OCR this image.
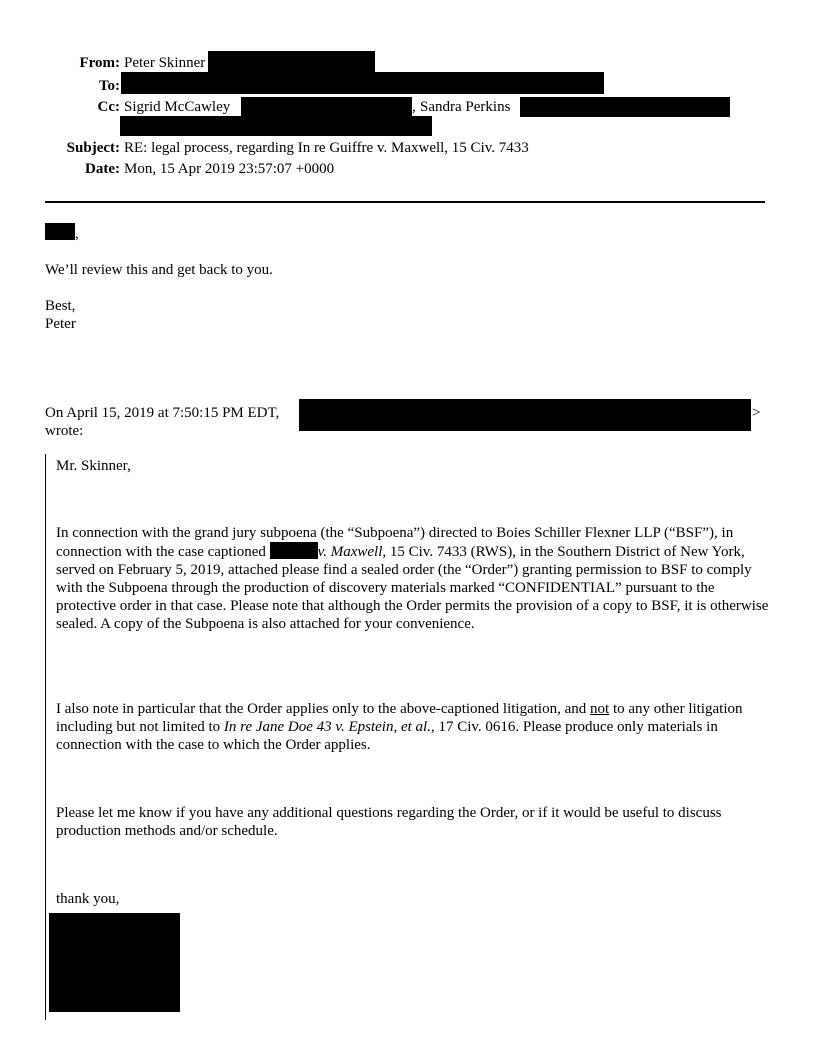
From: Peter Skinner
To:
Cc: Sigrid McCawley	, Sandra Perkins
Subject: RE: legal process, regarding In re Guiffre v. Maxwell, 15 Civ. 7433
Date: Mon, 15 Apr 2019 23:57:07 +0000
,
We’ll review this and get back to you.
Best,
Peter
On April 15, 2019 at 7:50:15 PM EDT,	>
wrote:
Mr. Skinner,
In connection with the grand jury subpoena (the “Subpoena”) directed to Boies Schiller Flexner LLP (“BSF”), in connection with the case captioned	v. Maxwell, 15 Civ. 7433 (RWS), in the Southern District of New York, served on February 5, 2019, attached please find a sealed order (the “Order”) granting permission to BSF to comply with the Subpoena through the production of discovery materials marked “CONFIDENTIAL” pursuant to the protective order in that case. Please note that although the Order permits the provision of a copy to BSF, it is otherwise sealed. A copy of the Subpoena is also attached for your convenience.
I also note in particular that the Order applies only to the above-captioned litigation, and not to any other litigation including but not limited to In re Jane Doe 43 v. Epstein, et al., 17 Civ. 0616. Please produce only materials in connection with the case to which the Order applies.
Please let me know if you have any additional questions regarding the Order, or if it would be useful to discuss production methods and/or schedule.
thank you,
